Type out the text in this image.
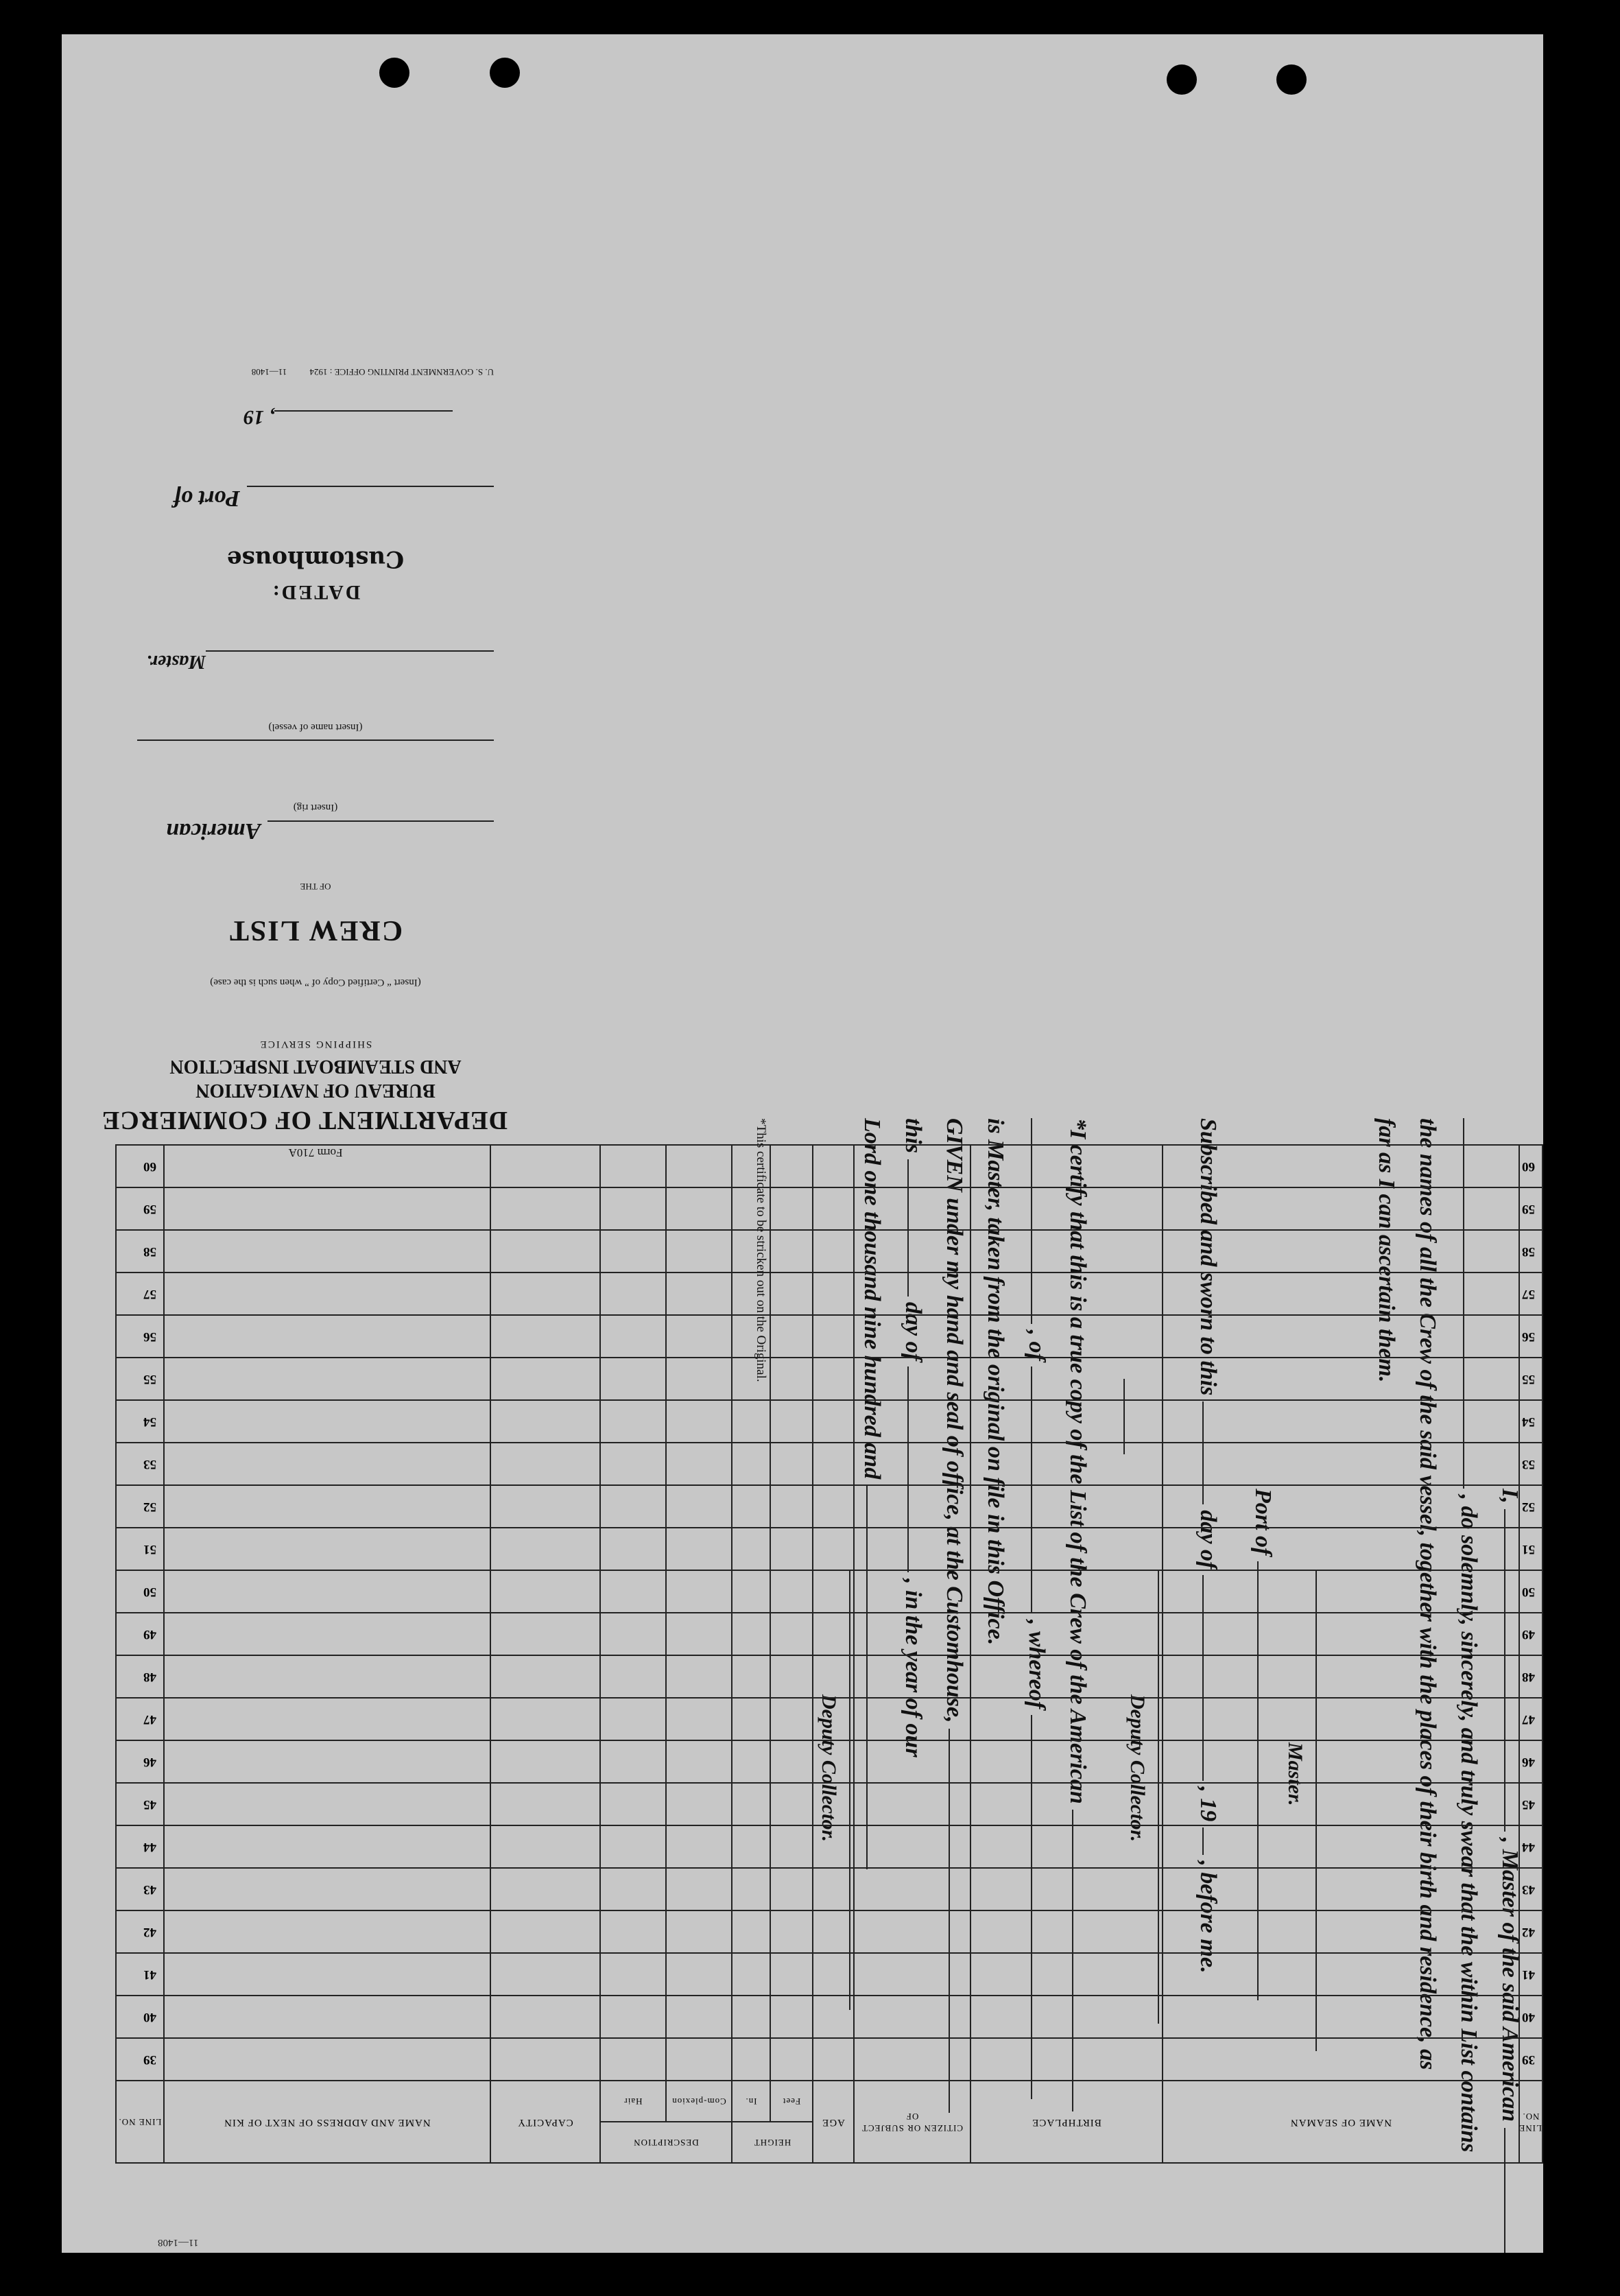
I,  , Master of the said American
, do solemnly, sincerely, and truly swear that the within List contains
the names of all the Crew of the said vessel, together with the places of their birth and residence, as
far as I can ascertain them.
Master.
Port of
Subscribed and sworn to this  day of  , 19  , before me.
Deputy Collector.
*I certify that this is a true copy of the List of the Crew of the American
, of  , whereof
is Master, taken from the original on file in this Office.
GIVEN under my hand and seal of office, at the Customhouse,
this  day of  , in the year of our
Lord one thousand nine hundred and
Deputy Collector.
*This certificate to be stricken out on the Original.
Form 710A
DEPARTMENT OF COMMERCE
BUREAU OF NAVIGATION
AND STEAMBOAT INSPECTION
SHIPPING SERVICE
(Insert “ Certified Copy of ” when such is the case)
CREW LIST
OF THE
American
(Insert rig)
(Insert name of vessel)
Master.
DATED:
Customhouse
Port of
, 19
U. S. GOVERNMENT PRINTING OFFICE : 1924 11—1408
LINE NO.	NAME OF SEAMAN	BIRTHPLACE	CITIZEN OR SUBJECT OF	AGE	HEIGHT		DESCRIPTION		CAPACITY	NAME AND ADDRESS OF NEXT OF KIN	LINE NO.
					Feet	In.	Com-plexion	Hair			
39											39
40											40
41											41
42											42
43											43
44											44
45											45
46											46
47											47
48											48
49											49
50											50
51											51
52											52
53											53
54											54
55											55
56											56
57											57
58											58
59											59
60											60
11—1408
